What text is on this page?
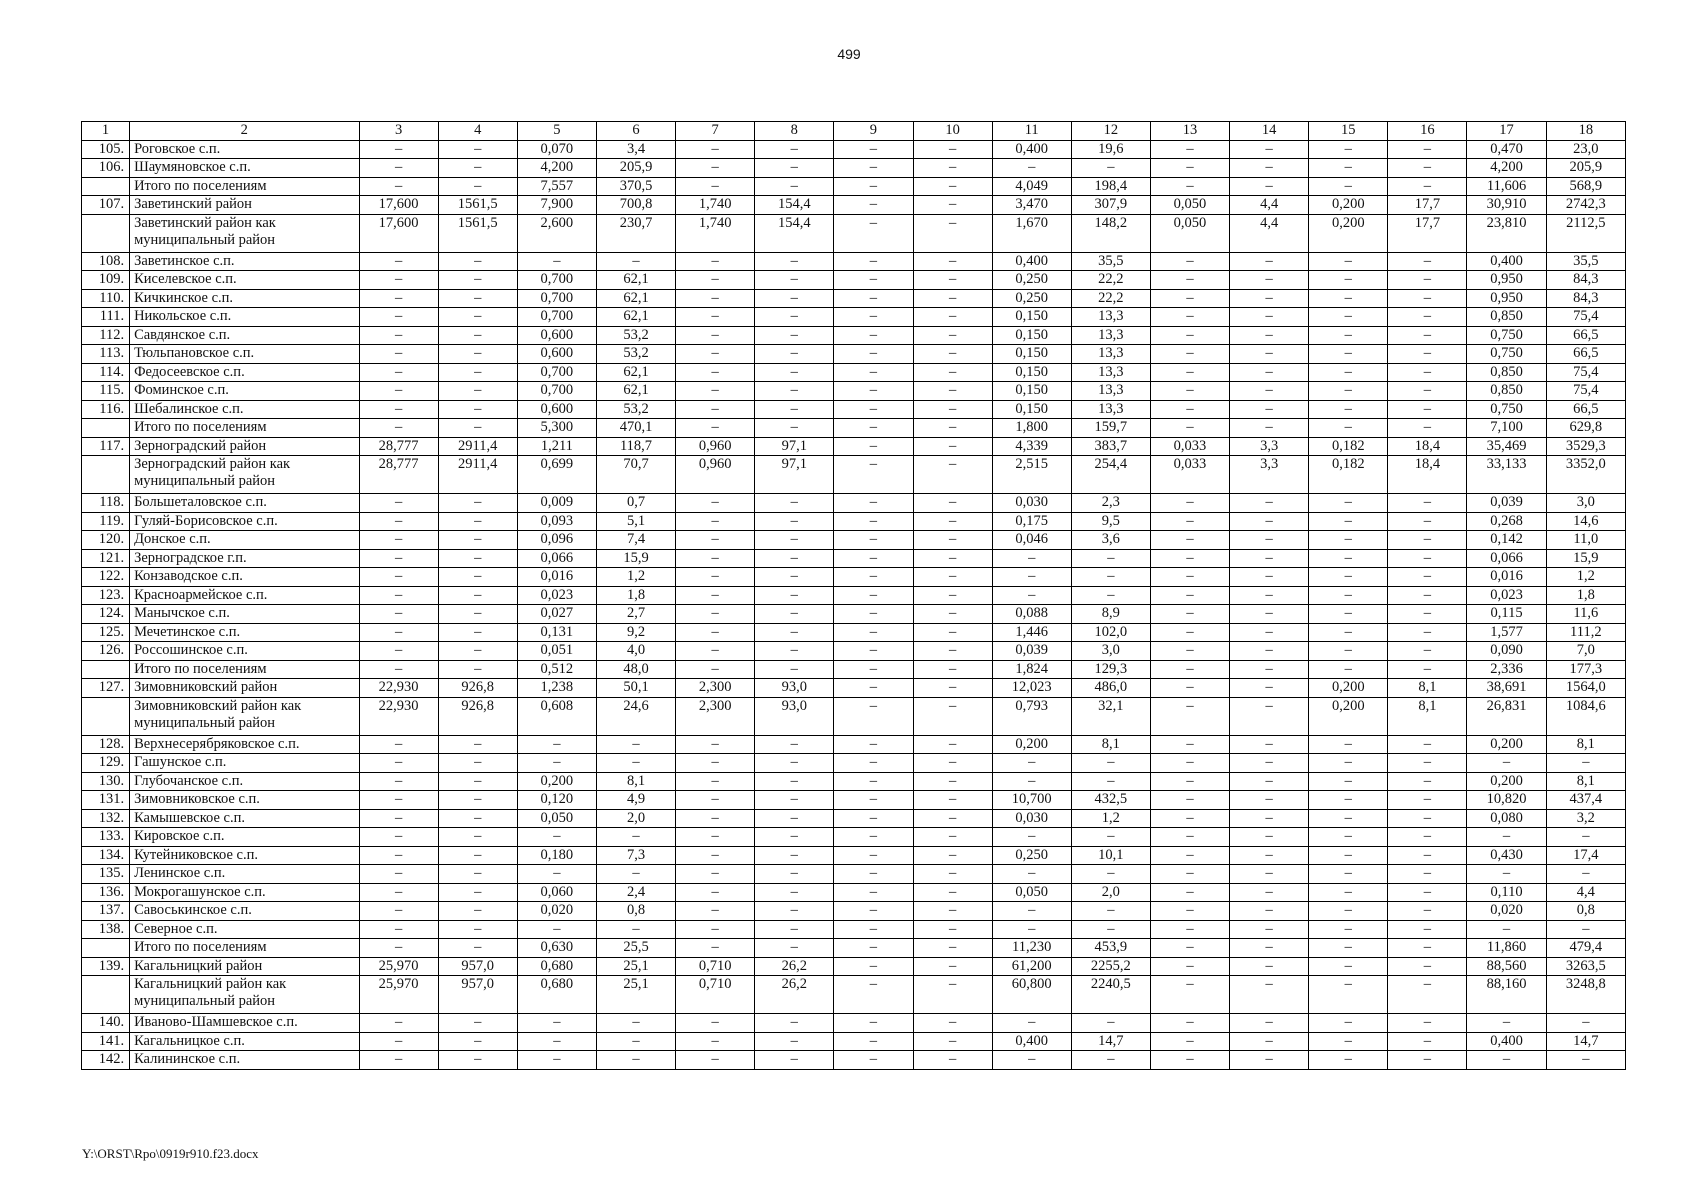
499
1	2	3	4	5	6	7	8	9	10	11	12	13	14	15	16	17	18
105.	Роговское с.п.	–	–	0,070	3,4	–	–	–	–	0,400	19,6	–	–	–	–	0,470	23,0
106.	Шаумяновское с.п.	–	–	4,200	205,9	–	–	–	–	–	–	–	–	–	–	4,200	205,9
	Итого по поселениям	–	–	7,557	370,5	–	–	–	–	4,049	198,4	–	–	–	–	11,606	568,9
107.	Заветинский район	17,600	1561,5	7,900	700,8	1,740	154,4	–	–	3,470	307,9	0,050	4,4	0,200	17,7	30,910	2742,3
	Заветинский район как муниципальный район	17,600	1561,5	2,600	230,7	1,740	154,4	–	–	1,670	148,2	0,050	4,4	0,200	17,7	23,810	2112,5
108.	Заветинское с.п.	–	–	–	–	–	–	–	–	0,400	35,5	–	–	–	–	0,400	35,5
109.	Киселевское с.п.	–	–	0,700	62,1	–	–	–	–	0,250	22,2	–	–	–	–	0,950	84,3
110.	Кичкинское с.п.	–	–	0,700	62,1	–	–	–	–	0,250	22,2	–	–	–	–	0,950	84,3
111.	Никольское с.п.	–	–	0,700	62,1	–	–	–	–	0,150	13,3	–	–	–	–	0,850	75,4
112.	Савдянское с.п.	–	–	0,600	53,2	–	–	–	–	0,150	13,3	–	–	–	–	0,750	66,5
113.	Тюльпановское с.п.	–	–	0,600	53,2	–	–	–	–	0,150	13,3	–	–	–	–	0,750	66,5
114.	Федосеевское с.п.	–	–	0,700	62,1	–	–	–	–	0,150	13,3	–	–	–	–	0,850	75,4
115.	Фоминское с.п.	–	–	0,700	62,1	–	–	–	–	0,150	13,3	–	–	–	–	0,850	75,4
116.	Шебалинское с.п.	–	–	0,600	53,2	–	–	–	–	0,150	13,3	–	–	–	–	0,750	66,5
	Итого по поселениям	–	–	5,300	470,1	–	–	–	–	1,800	159,7	–	–	–	–	7,100	629,8
117.	Зерноградский район	28,777	2911,4	1,211	118,7	0,960	97,1	–	–	4,339	383,7	0,033	3,3	0,182	18,4	35,469	3529,3
	Зерноградский район как муниципальный район	28,777	2911,4	0,699	70,7	0,960	97,1	–	–	2,515	254,4	0,033	3,3	0,182	18,4	33,133	3352,0
118.	Большеталовское с.п.	–	–	0,009	0,7	–	–	–	–	0,030	2,3	–	–	–	–	0,039	3,0
119.	Гуляй-Борисовское с.п.	–	–	0,093	5,1	–	–	–	–	0,175	9,5	–	–	–	–	0,268	14,6
120.	Донское с.п.	–	–	0,096	7,4	–	–	–	–	0,046	3,6	–	–	–	–	0,142	11,0
121.	Зерноградское г.п.	–	–	0,066	15,9	–	–	–	–	–	–	–	–	–	–	0,066	15,9
122.	Конзаводское с.п.	–	–	0,016	1,2	–	–	–	–	–	–	–	–	–	–	0,016	1,2
123.	Красноармейское с.п.	–	–	0,023	1,8	–	–	–	–	–	–	–	–	–	–	0,023	1,8
124.	Манычское с.п.	–	–	0,027	2,7	–	–	–	–	0,088	8,9	–	–	–	–	0,115	11,6
125.	Мечетинское с.п.	–	–	0,131	9,2	–	–	–	–	1,446	102,0	–	–	–	–	1,577	111,2
126.	Россошинское с.п.	–	–	0,051	4,0	–	–	–	–	0,039	3,0	–	–	–	–	0,090	7,0
	Итого по поселениям	–	–	0,512	48,0	–	–	–	–	1,824	129,3	–	–	–	–	2,336	177,3
127.	Зимовниковский район	22,930	926,8	1,238	50,1	2,300	93,0	–	–	12,023	486,0	–	–	0,200	8,1	38,691	1564,0
	Зимовниковский район как муниципальный район	22,930	926,8	0,608	24,6	2,300	93,0	–	–	0,793	32,1	–	–	0,200	8,1	26,831	1084,6
128.	Верхнесерябряковское с.п.	–	–	–	–	–	–	–	–	0,200	8,1	–	–	–	–	0,200	8,1
129.	Гашунское с.п.	–	–	–	–	–	–	–	–	–	–	–	–	–	–	–	–
130.	Глубочанское с.п.	–	–	0,200	8,1	–	–	–	–	–	–	–	–	–	–	0,200	8,1
131.	Зимовниковское с.п.	–	–	0,120	4,9	–	–	–	–	10,700	432,5	–	–	–	–	10,820	437,4
132.	Камышевское с.п.	–	–	0,050	2,0	–	–	–	–	0,030	1,2	–	–	–	–	0,080	3,2
133.	Кировское с.п.	–	–	–	–	–	–	–	–	–	–	–	–	–	–	–	–
134.	Кутейниковское с.п.	–	–	0,180	7,3	–	–	–	–	0,250	10,1	–	–	–	–	0,430	17,4
135.	Ленинское с.п.	–	–	–	–	–	–	–	–	–	–	–	–	–	–	–	–
136.	Мокрогашунское с.п.	–	–	0,060	2,4	–	–	–	–	0,050	2,0	–	–	–	–	0,110	4,4
137.	Савоськинское с.п.	–	–	0,020	0,8	–	–	–	–	–	–	–	–	–	–	0,020	0,8
138.	Северное с.п.	–	–	–	–	–	–	–	–	–	–	–	–	–	–	–	–
	Итого по поселениям	–	–	0,630	25,5	–	–	–	–	11,230	453,9	–	–	–	–	11,860	479,4
139.	Кагальницкий район	25,970	957,0	0,680	25,1	0,710	26,2	–	–	61,200	2255,2	–	–	–	–	88,560	3263,5
	Кагальницкий район как муниципальный район	25,970	957,0	0,680	25,1	0,710	26,2	–	–	60,800	2240,5	–	–	–	–	88,160	3248,8
140.	Иваново-Шамшевское с.п.	–	–	–	–	–	–	–	–	–	–	–	–	–	–	–	–
141.	Кагальницкое с.п.	–	–	–	–	–	–	–	–	0,400	14,7	–	–	–	–	0,400	14,7
142.	Калининское с.п.	–	–	–	–	–	–	–	–	–	–	–	–	–	–	–	–
Y:\ORST\Rpo\0919r910.f23.docx
